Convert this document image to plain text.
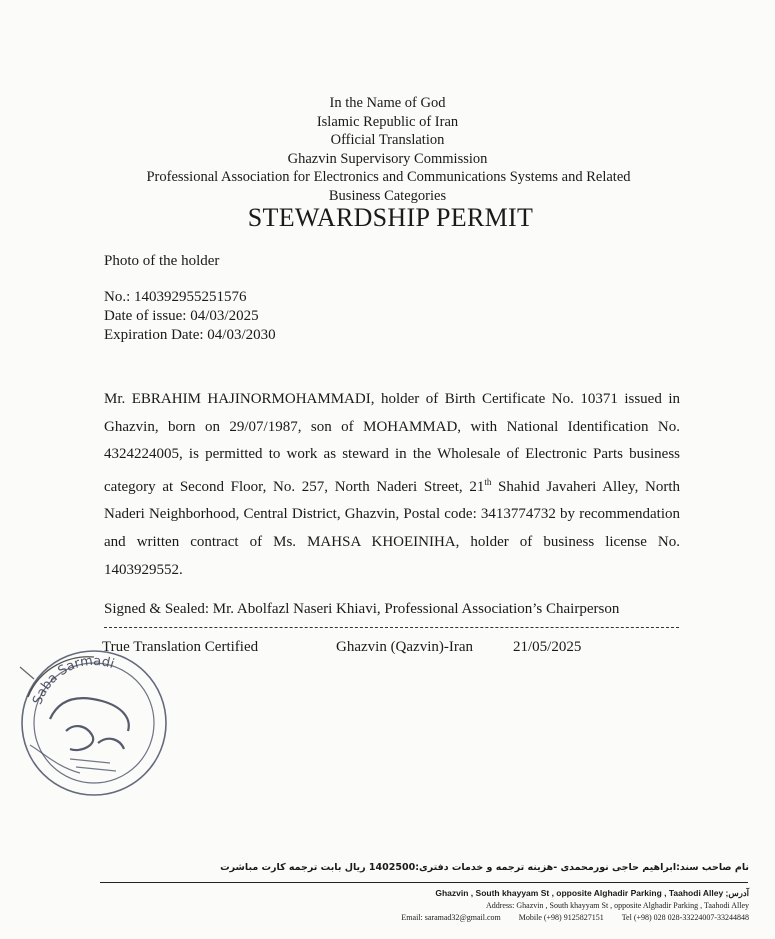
In the Name of God
Islamic Republic of Iran
Official Translation
Ghazvin Supervisory Commission
Professional Association for Electronics and Communications Systems and Related
Business Categories
STEWARDSHIP PERMIT
Photo of the holder
No.: 140392955251576
Date of issue: 04/03/2025
Expiration Date: 04/03/2030
Mr. EBRAHIM HAJINORMOHAMMADI, holder of Birth Certificate No. 10371 issued in Ghazvin, born on 29/07/1987, son of MOHAMMAD, with National Identification No. 4324224005, is permitted to work as steward in the Wholesale of Electronic Parts business category at Second Floor, No. 257, North Naderi Street, 21th Shahid Javaheri Alley, North Naderi Neighborhood, Central District, Ghazvin, Postal code: 3413774732 by recommendation and written contract of Ms. MAHSA KHOEINIHA, holder of business license No. 1403929552.
Signed & Sealed: Mr. Abolfazl Naseri Khiavi, Professional Association’s Chairperson
True Translation Certified	Ghazvin (Qazvin)-Iran	21/05/2025
Saba Sarmadi
نام صاحب سند:ابراهیم حاجی نورمحمدی -هزینه ترجمه و خدمات دفتری:1402500 ریال بابت ترجمه کارت مباشرت
Ghazvin , South khayyam St , opposite Alghadir Parking , Taahodi Alley ;آدرس
Address: Ghazvin , South khayyam St , opposite Alghadir Parking , Taahodi Alley
Email: saramad32@gmail.com Mobile (+98) 9125827151 Tel (+98) 028 028-33224007-33244848
